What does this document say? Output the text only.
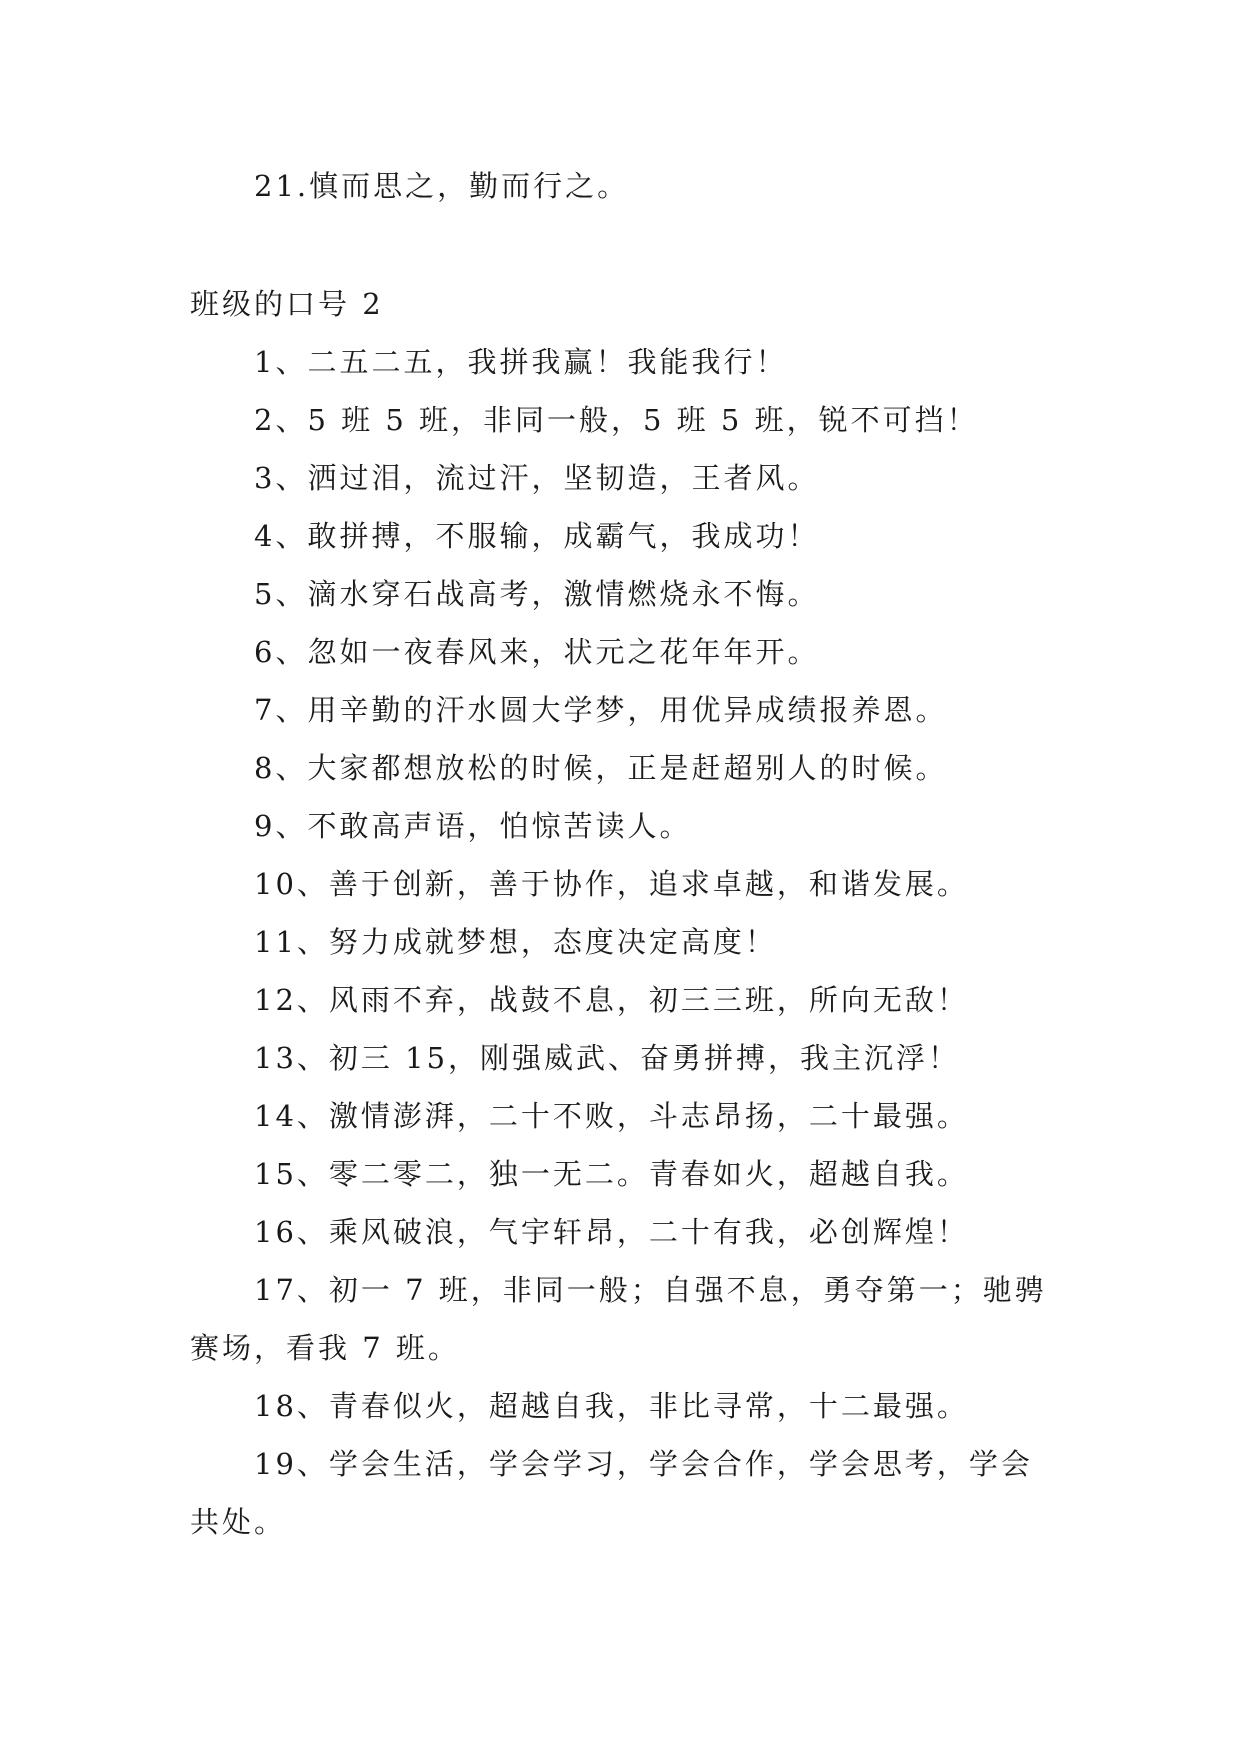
21.慎而思之，勤而行之。
班级的口号 2
1、二五二五，我拼我赢！我能我行！
2、5 班 5 班，非同一般，5 班 5 班，锐不可挡！
3、洒过泪，流过汗，坚韧造，王者风。
4、敢拼搏，不服输，成霸气，我成功！
5、滴水穿石战高考，激情燃烧永不悔。
6、忽如一夜春风来，状元之花年年开。
7、用辛勤的汗水圆大学梦，用优异成绩报养恩。
8、大家都想放松的时候，正是赶超别人的时候。
9、不敢高声语，怕惊苦读人。
10、善于创新，善于协作，追求卓越，和谐发展。
11、努力成就梦想，态度决定高度！
12、风雨不弃，战鼓不息，初三三班，所向无敌！
13、初三 15，刚强威武、奋勇拼搏，我主沉浮！
14、激情澎湃，二十不败，斗志昂扬，二十最强。
15、零二零二，独一无二。青春如火，超越自我。
16、乘风破浪，气宇轩昂，二十有我，必创辉煌！
17、初一 7 班，非同一般；自强不息，勇夺第一；驰骋
赛场，看我 7 班。
18、青春似火，超越自我，非比寻常，十二最强。
19、学会生活，学会学习，学会合作，学会思考，学会
共处。
